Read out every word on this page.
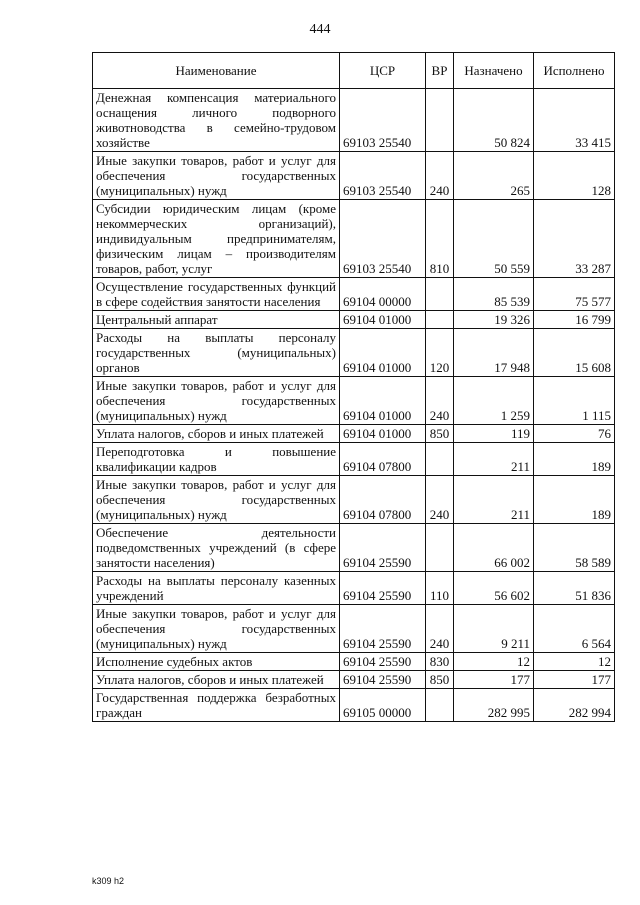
444
Наименование	ЦСР	ВР	Назначено	Исполнено
Денежная компенсация материального оснащения личного подворного животноводства в семейно-трудовом хозяйстве	69103 25540		50 824	33 415
Иные закупки товаров, работ и услуг для обеспечения государственных (муниципальных) нужд	69103 25540	240	265	128
Субсидии юридическим лицам (кроме некоммерческих организаций), индивидуальным предпринимателям, физическим лицам – производителям товаров, работ, услуг	69103 25540	810	50 559	33 287
Осуществление государственных функций в сфере содействия занятости населения	69104 00000		85 539	75 577
Центральный аппарат	69104 01000		19 326	16 799
Расходы на выплаты персоналу государственных (муниципальных) органов	69104 01000	120	17 948	15 608
Иные закупки товаров, работ и услуг для обеспечения государственных (муниципальных) нужд	69104 01000	240	1 259	1 115
Уплата налогов, сборов и иных платежей	69104 01000	850	119	76
Переподготовка и повышение квалификации кадров	69104 07800		211	189
Иные закупки товаров, работ и услуг для обеспечения государственных (муниципальных) нужд	69104 07800	240	211	189
Обеспечение деятельности подведомственных учреждений (в сфере занятости населения)	69104 25590		66 002	58 589
Расходы на выплаты персоналу казенных учреждений	69104 25590	110	56 602	51 836
Иные закупки товаров, работ и услуг для обеспечения государственных (муниципальных) нужд	69104 25590	240	9 211	6 564
Исполнение судебных актов	69104 25590	830	12	12
Уплата налогов, сборов и иных платежей	69104 25590	850	177	177
Государственная поддержка безработных граждан	69105 00000		282 995	282 994
k309 h2
